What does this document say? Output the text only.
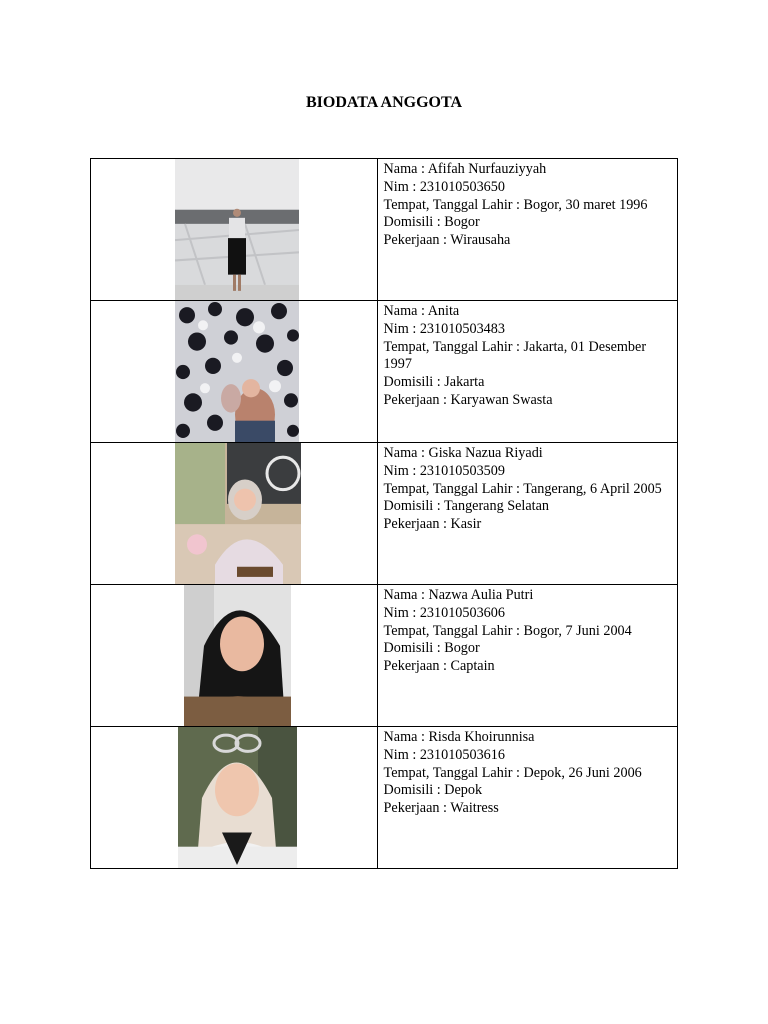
BIODATA ANGGOTA

Nama : Afifah Nurfauziyyah
Nim : 231010503650
Tempat, Tanggal Lahir : Bogor, 30 maret 1996
Domisili : Bogor
Pekerjaan : Wirausaha

Nama : Anita
Nim : 231010503483
Tempat, Tanggal Lahir : Jakarta, 01 Desember 1997
Domisili : Jakarta
Pekerjaan : Karyawan Swasta

Nama : Giska Nazua Riyadi
Nim : 231010503509
Tempat, Tanggal Lahir : Tangerang, 6 April 2005
Domisili : Tangerang Selatan
Pekerjaan : Kasir

Nama : Nazwa Aulia Putri
Nim : 231010503606
Tempat, Tanggal Lahir : Bogor, 7 Juni 2004
Domisili : Bogor
Pekerjaan : Captain

Nama : Risda Khoirunnisa
Nim : 231010503616
Tempat, Tanggal Lahir : Depok, 26 Juni 2006
Domisili : Depok
Pekerjaan : Waitress
